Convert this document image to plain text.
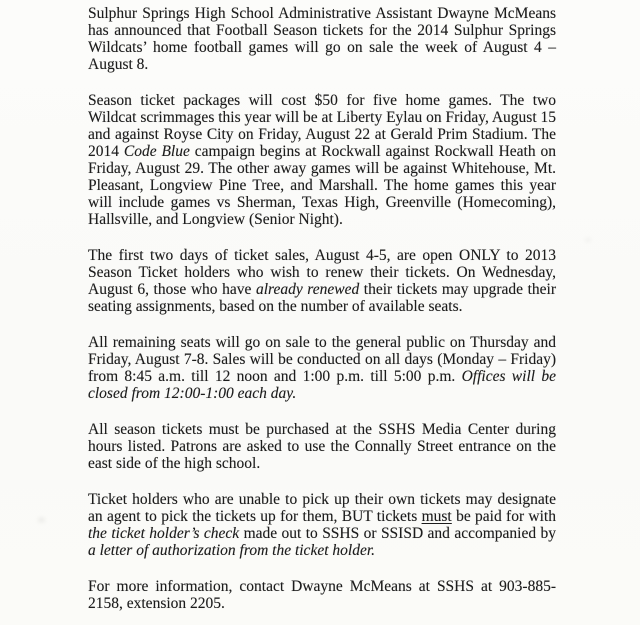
Sulphur Springs High School Administrative Assistant Dwayne McMeans has announced that Football Season tickets for the 2014 Sulphur Springs Wildcats’ home football games will go on sale the week of August 4 – August 8.

Season ticket packages will cost $50 for five home games. The two Wildcat scrimmages this year will be at Liberty Eylau on Friday, August 15 and against Royse City on Friday, August 22 at Gerald Prim Stadium. The 2014 Code Blue campaign begins at Rockwall against Rockwall Heath on Friday, August 29. The other away games will be against Whitehouse, Mt. Pleasant, Longview Pine Tree, and Marshall. The home games this year will include games vs Sherman, Texas High, Greenville (Homecoming), Hallsville, and Longview (Senior Night).

The first two days of ticket sales, August 4-5, are open ONLY to 2013 Season Ticket holders who wish to renew their tickets. On Wednesday, August 6, those who have already renewed their tickets may upgrade their seating assignments, based on the number of available seats.

All remaining seats will go on sale to the general public on Thursday and Friday, August 7-8. Sales will be conducted on all days (Monday – Friday) from 8:45 a.m. till 12 noon and 1:00 p.m. till 5:00 p.m. Offices will be closed from 12:00-1:00 each day.

All season tickets must be purchased at the SSHS Media Center during hours listed. Patrons are asked to use the Connally Street entrance on the east side of the high school.

Ticket holders who are unable to pick up their own tickets may designate an agent to pick the tickets up for them, BUT tickets must be paid for with the ticket holder’s check made out to SSHS or SSISD and accompanied by a letter of authorization from the ticket holder.

For more information, contact Dwayne McMeans at SSHS at 903-885-2158, extension 2205.
